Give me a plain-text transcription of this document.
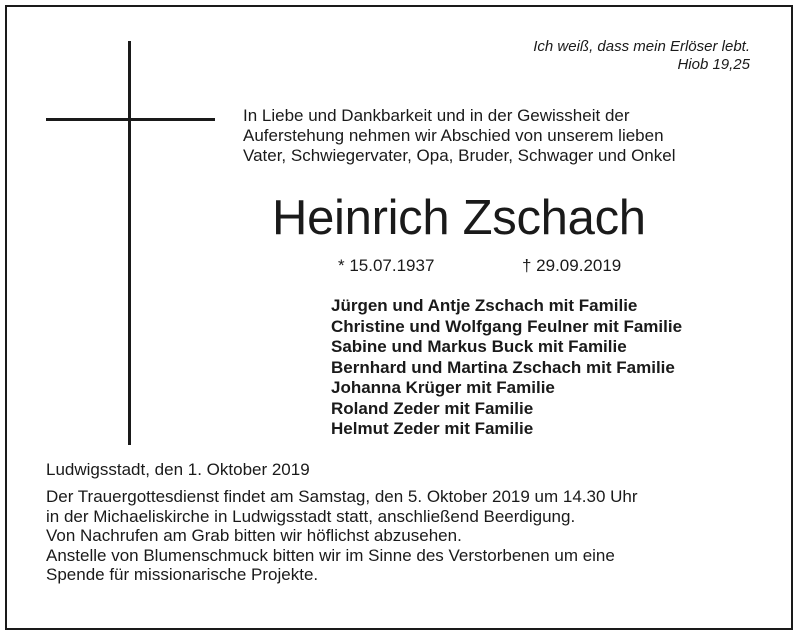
Ich weiß, dass mein Erlöser lebt.
Hiob 19,25
In Liebe und Dankbarkeit und in der Gewissheit der
Auferstehung nehmen wir Abschied von unserem lieben
Vater, Schwiegervater, Opa, Bruder, Schwager und Onkel
Heinrich Zschach
* 15.07.1937	† 29.09.2019
Jürgen und Antje Zschach mit Familie
Christine und Wolfgang Feulner mit Familie
Sabine und Markus Buck mit Familie
Bernhard und Martina Zschach mit Familie
Johanna Krüger mit Familie
Roland Zeder mit Familie
Helmut Zeder mit Familie
Ludwigsstadt, den 1. Oktober 2019
Der Trauergottesdienst findet am Samstag, den 5. Oktober 2019 um 14.30 Uhr
in der Michaeliskirche in Ludwigsstadt statt, anschließend Beerdigung.
Von Nachrufen am Grab bitten wir höflichst abzusehen.
Anstelle von Blumenschmuck bitten wir im Sinne des Verstorbenen um eine
Spende für missionarische Projekte.
